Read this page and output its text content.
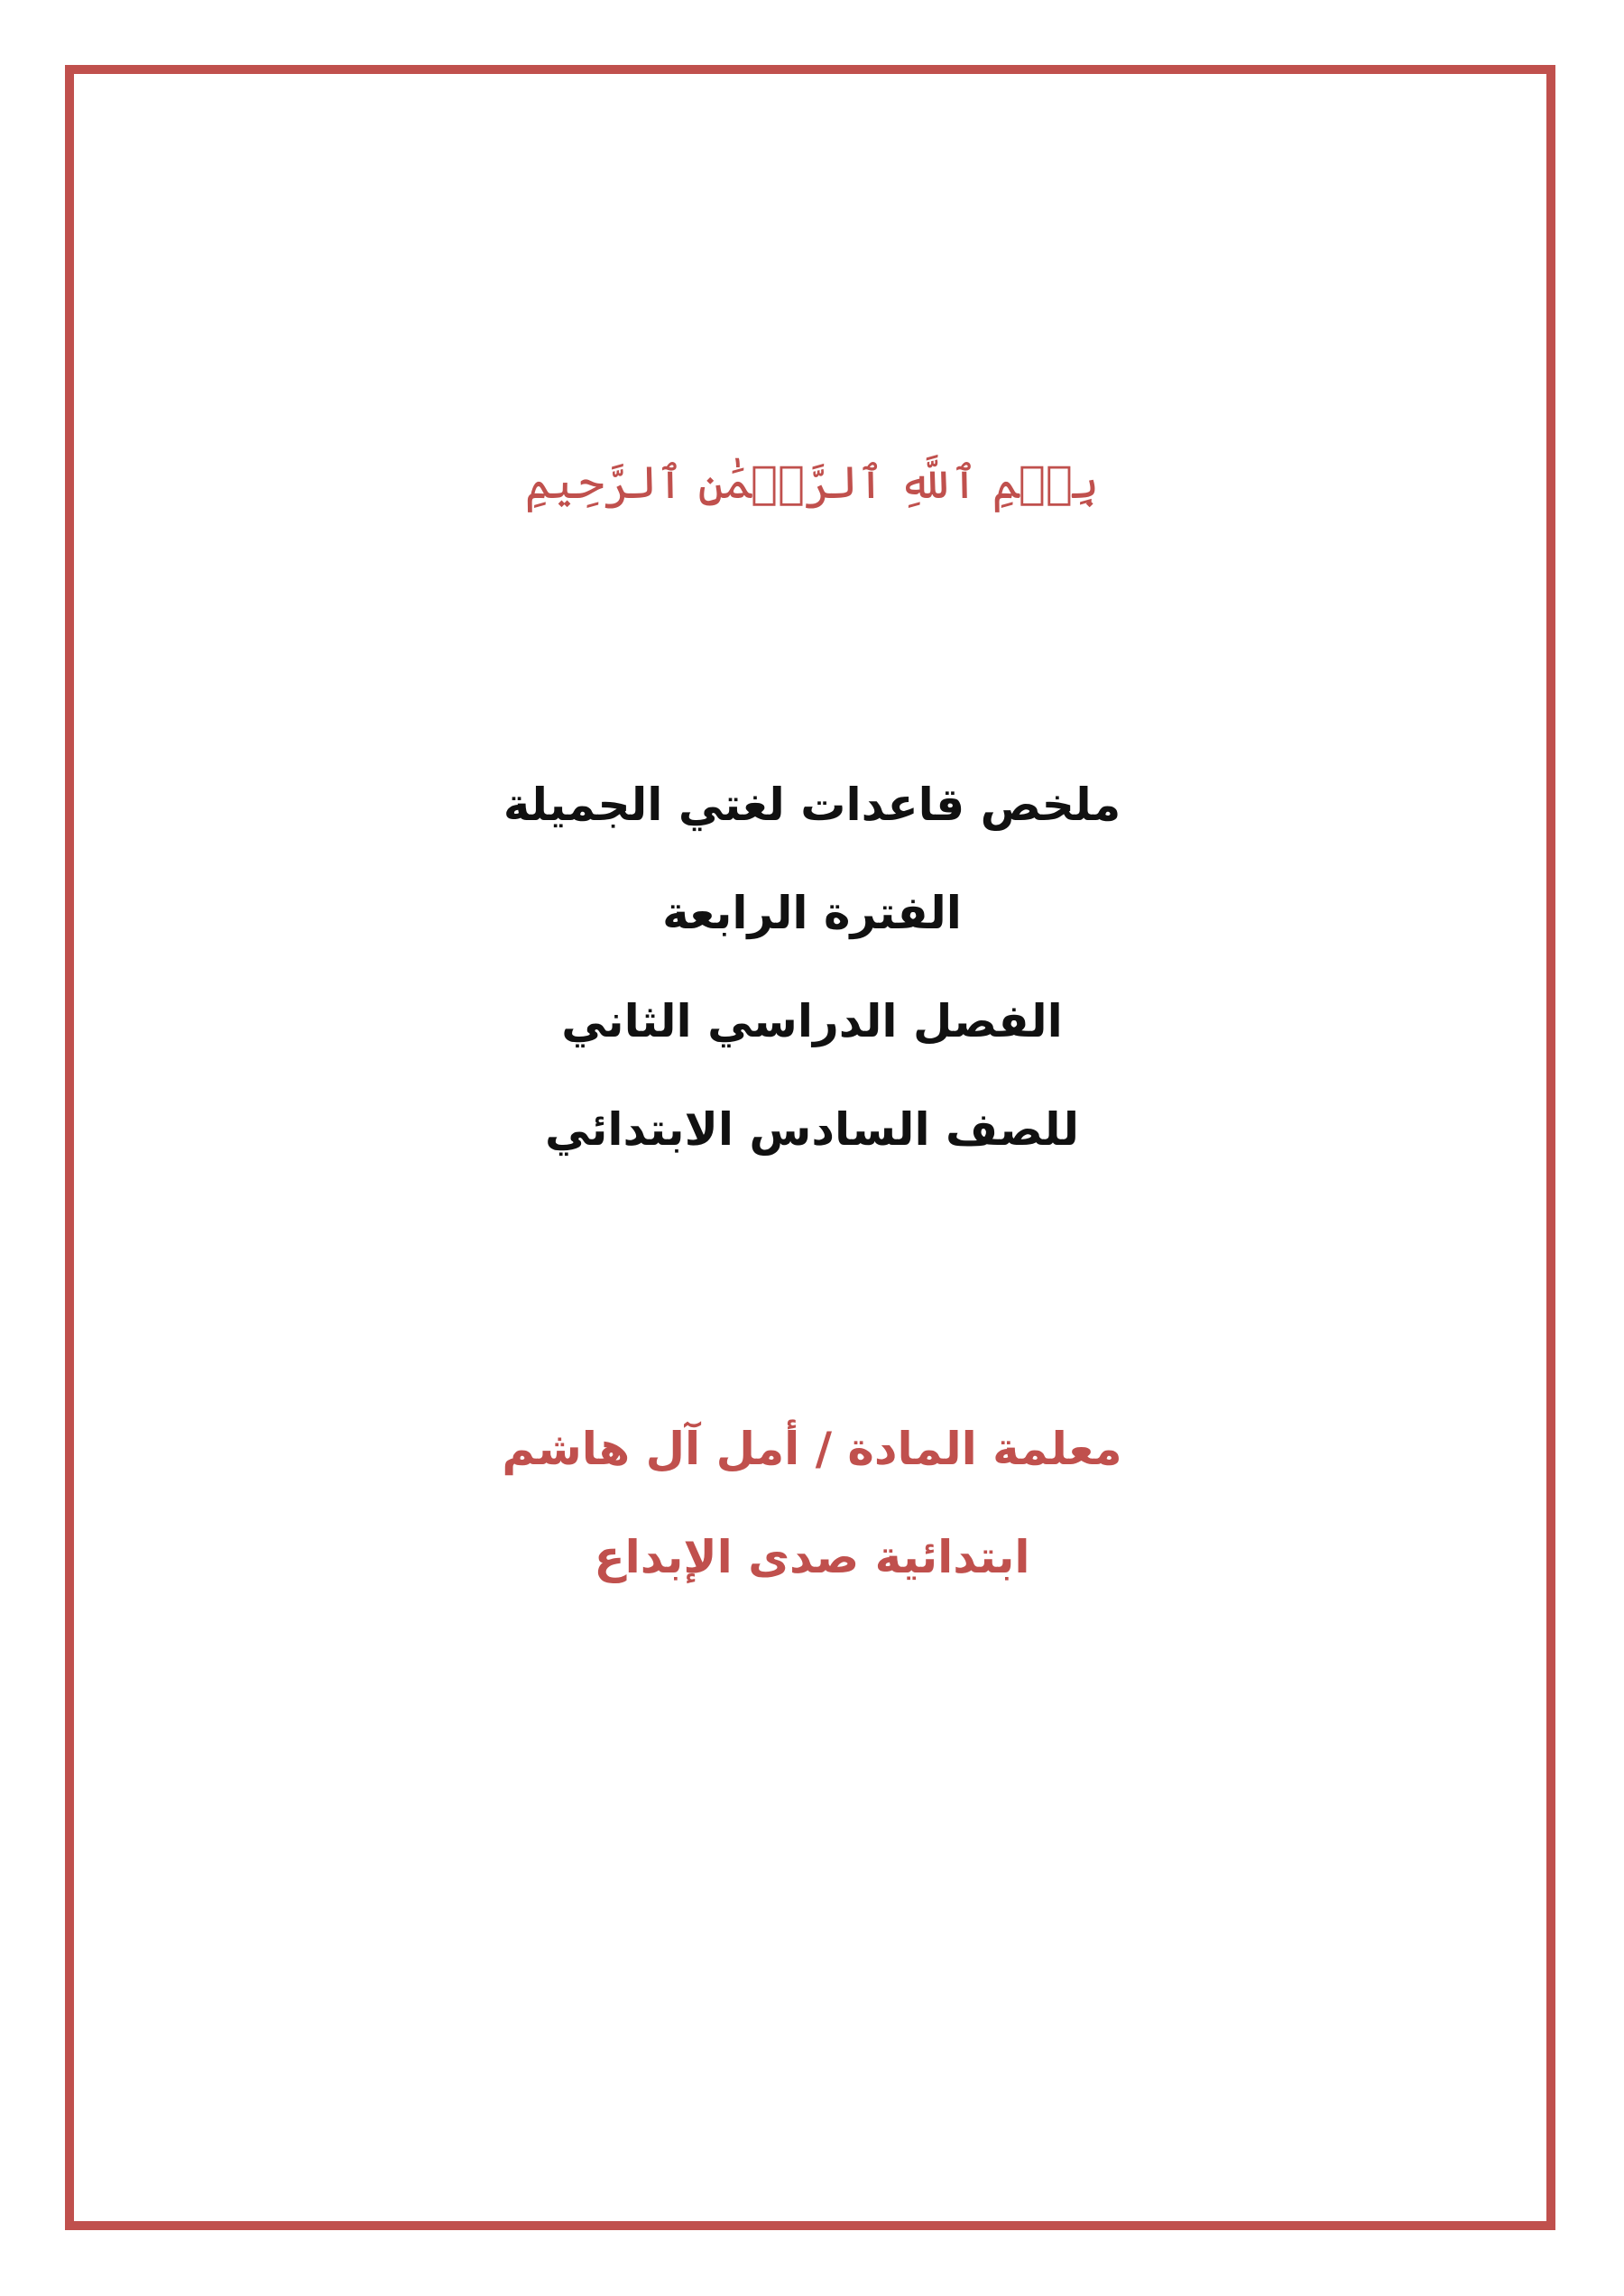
بِسۡمِ ٱللَّهِ ٱلرَّحۡمَٰنِ ٱلرَّحِيمِ
ملخص قاعدات لغتي الجميلة
الفترة الرابعة
الفصل الدراسي الثاني
للصف السادس الابتدائي
معلمة المادة / أمل آل هاشم
ابتدائية صدى الإبداع
